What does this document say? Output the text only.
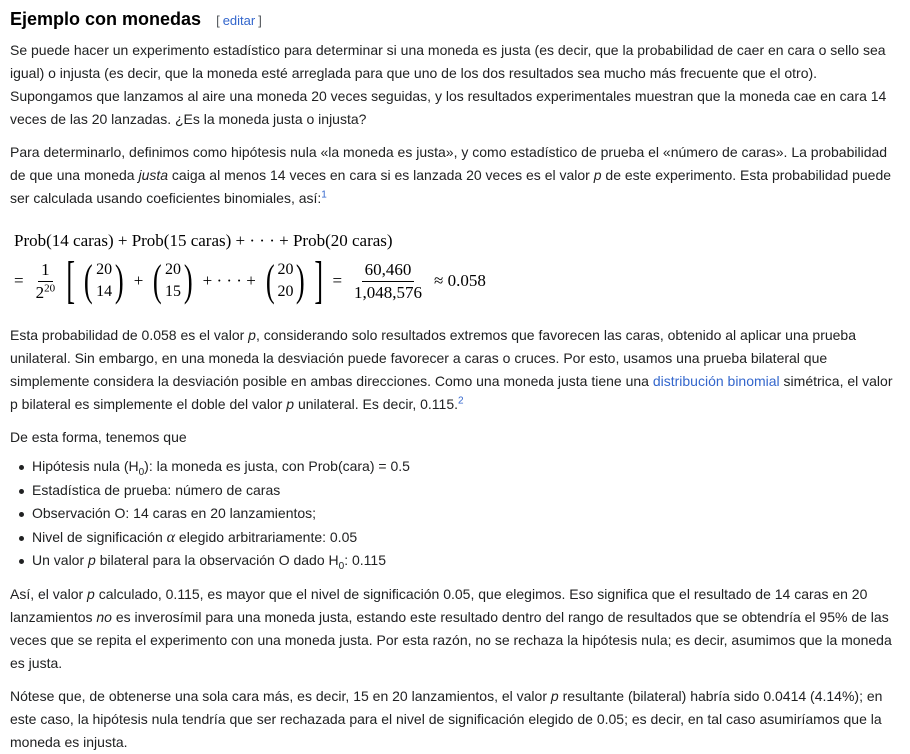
Ejemplo con monedas [ editar ]

Se puede hacer un experimento estadístico para determinar si una moneda es justa (es decir, que la probabilidad de caer en cara o sello sea igual) o injusta (es decir, que la moneda esté arreglada para que uno de los dos resultados sea mucho más frecuente que el otro). Supongamos que lanzamos al aire una moneda 20 veces seguidas, y los resultados experimentales muestran que la moneda cae en cara 14 veces de las 20 lanzadas. ¿Es la moneda justa o injusta?

Para determinarlo, definimos como hipótesis nula «la moneda es justa», y como estadístico de prueba el «número de caras». La probabilidad de que una moneda justa caiga al menos 14 veces en cara si es lanzada 20 veces es el valor p de este experimento. Esta probabilidad puede ser calculada usando coeficientes binomiales, así:$^1$

Prob(14 caras) + Prob(15 caras) + · · · + Prob(20 caras)
= $\frac{1}{2^{20}}$ [ ( 20
14 ) + ( 20
15 ) + · · · + ( 20
20 ) ] = $\frac{60,460}{1,048,576} \approx 0.058$

Esta probabilidad de 0.058 es el valor p, considerando solo resultados extremos que favorecen las caras, obtenido al aplicar una prueba unilateral. Sin embargo, en una moneda la desviación puede favorecer a caras o cruces. Por esto, usamos una prueba bilateral que simplemente considera la desviación posible en ambas direcciones. Como una moneda justa tiene una distribución binomial simétrica, el valor p bilateral es simplemente el doble del valor p unilateral. Es decir, 0.115.$^2$

De esta forma, tenemos que

Hipótesis nula $(H_0)$: la moneda es justa, con Prob(cara) = 0.5
Estadística de prueba: número de caras
Observación O: 14 caras en 20 lanzamientos;
Nivel de significación α elegido arbitrariamente: 0.05
Un valor p bilateral para la observación O dado $H_0$: 0.115

Así, el valor p calculado, 0.115, es mayor que el nivel de significación 0.05, que elegimos. Eso significa que el resultado de 14 caras en 20 lanzamientos no es inverosímil para una moneda justa, estando este resultado dentro del rango de resultados que se obtendría el 95% de las veces que se repita el experimento con una moneda justa. Por esta razón, no se rechaza la hipótesis nula; es decir, asumimos que la moneda es justa.

Nótese que, de obtenerse una sola cara más, es decir, 15 en 20 lanzamientos, el valor p resultante (bilateral) habría sido 0.0414 (4.14%); en este caso, la hipótesis nula tendría que ser rechazada para el nivel de significación elegido de 0.05; es decir, en tal caso asumiríamos que la moneda es injusta.
